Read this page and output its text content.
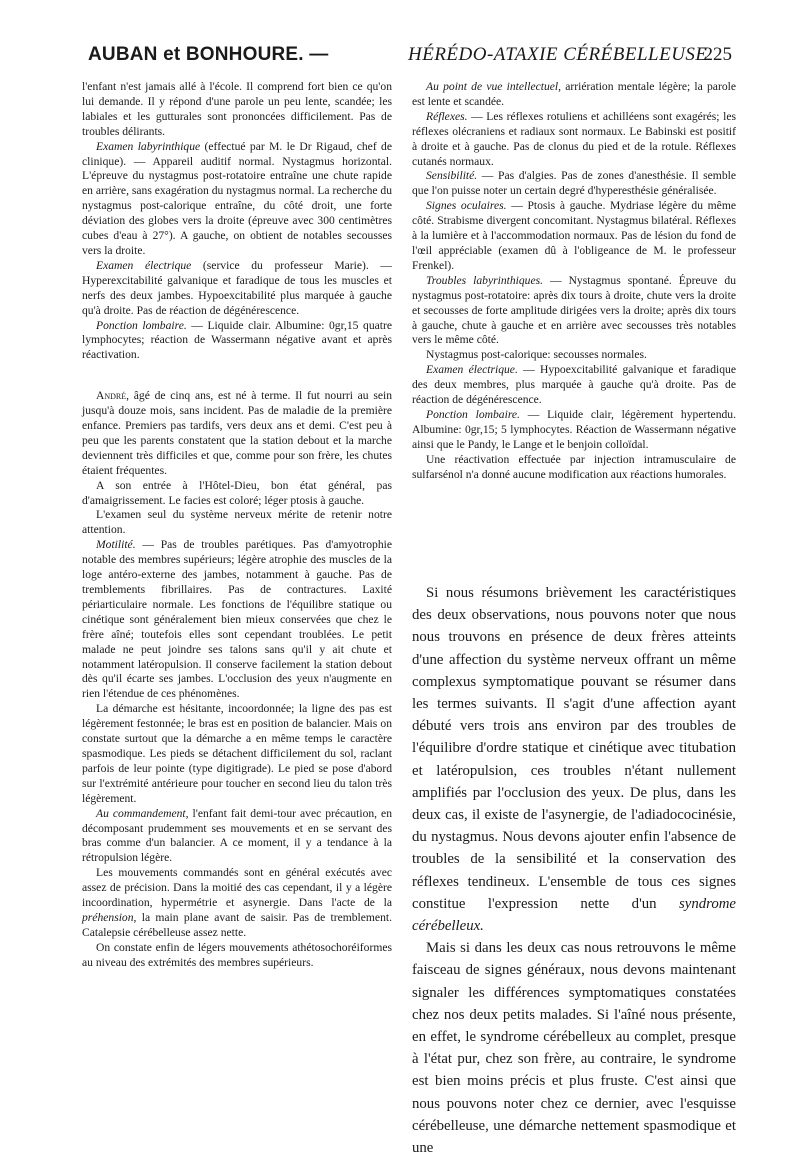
AUBAN et BONHOURE. —	HÉRÉDO-ATAXIE CÉRÉBELLEUSE
225

l'enfant n'est jamais allé à l'école. Il comprend fort bien ce qu'on lui demande. Il y répond d'une parole un peu lente, scandée; les labiales et les gutturales sont prononcées difficilement. Pas de troubles délirants.

Examen labyrinthique (effectué par M. le Dr Rigaud, chef de clinique). — Appareil auditif normal. Nystagmus horizontal. L'épreuve du nystagmus post-rotatoire entraîne une chute rapide en arrière, sans exagération du nystagmus normal. La recherche du nystagmus post-calorique entraîne, du côté droit, une forte déviation des globes vers la droite (épreuve avec 300 centimètres cubes d'eau à 27°). A gauche, on obtient de notables secousses vers la droite.

Examen électrique (service du professeur Marie). — Hyperexcitabilité galvanique et faradique de tous les muscles et nerfs des deux jambes. Hypoexcitabilité plus marquée à gauche qu'à droite. Pas de réaction de dégénérescence.

Ponction lombaire. — Liquide clair. Albumine: 0gr,15 quatre lymphocytes; réaction de Wassermann négative avant et après réactivation.

André, âgé de cinq ans, est né à terme. Il fut nourri au sein jusqu'à douze mois, sans incident. Pas de maladie de la première enfance. Premiers pas tardifs, vers deux ans et demi. C'est peu à peu que les parents constatent que la station debout et la marche deviennent très difficiles et que, comme pour son frère, les chutes étaient fréquentes.

A son entrée à l'Hôtel-Dieu, bon état général, pas d'amaigrissement. Le facies est coloré; léger ptosis à gauche.

L'examen seul du système nerveux mérite de retenir notre attention.

Motilité. — Pas de troubles parétiques. Pas d'amyotrophie notable des membres supérieurs; légère atrophie des muscles de la loge antéro-externe des jambes, notamment à gauche. Pas de tremblements fibrillaires. Pas de contractures. Laxité périarticulaire normale. Les fonctions de l'équilibre statique ou cinétique sont généralement bien mieux conservées que chez le frère aîné; toutefois elles sont cependant troublées. Le petit malade ne peut joindre ses talons sans qu'il y ait chute et notamment latéropulsion. Il conserve facilement la station debout dès qu'il écarte ses jambes. L'occlusion des yeux n'augmente en rien l'étendue de ces phénomènes.

La démarche est hésitante, incoordonnée; la ligne des pas est légèrement festonnée; le bras est en position de balancier. Mais on constate surtout que la démarche a en même temps le caractère spasmodique. Les pieds se détachent difficilement du sol, raclant parfois de leur pointe (type digitigrade). Le pied se pose d'abord sur l'extrémité antérieure pour toucher en second lieu du talon très légèrement.

Au commandement, l'enfant fait demi-tour avec précaution, en décomposant prudemment ses mouvements et en se servant des bras comme d'un balancier. A ce moment, il y a tendance à la rétropulsion légère.

Les mouvements commandés sont en général exécutés avec assez de précision. Dans la moitié des cas cependant, il y a légère incoordination, hypermétrie et asynergie. Dans l'acte de la préhension, la main plane avant de saisir. Pas de tremblement. Catalepsie cérébelleuse assez nette.

On constate enfin de légers mouvements athétosochoréiformes au niveau des extrémités des membres supérieurs.

Au point de vue intellectuel, arriération mentale légère; la parole est lente et scandée.

Réflexes. — Les réflexes rotuliens et achilléens sont exagérés; les réflexes olécraniens et radiaux sont normaux. Le Babinski est positif à droite et à gauche. Pas de clonus du pied et de la rotule. Réflexes cutanés normaux.

Sensibilité. — Pas d'algies. Pas de zones d'anesthésie. Il semble que l'on puisse noter un certain degré d'hyperesthésie généralisée.

Signes oculaires. — Ptosis à gauche. Mydriase légère du même côté. Strabisme divergent concomitant. Nystagmus bilatéral. Réflexes à la lumière et à l'accommodation normaux. Pas de lésion du fond de l'œil appréciable (examen dû à l'obligeance de M. le professeur Frenkel).

Troubles labyrinthiques. — Nystagmus spontané. Épreuve du nystagmus post-rotatoire: après dix tours à droite, chute vers la droite et secousses de forte amplitude dirigées vers la droite; après dix tours à gauche, chute à gauche et en arrière avec secousses très notables vers le même côté.

Nystagmus post-calorique: secousses normales.

Examen électrique. — Hypoexcitabilité galvanique et faradique des deux membres, plus marquée à gauche qu'à droite. Pas de réaction de dégénérescence.

Ponction lombaire. — Liquide clair, légèrement hypertendu. Albumine: 0gr,15; 5 lymphocytes. Réaction de Wassermann négative ainsi que le Pandy, le Lange et le benjoin colloïdal.

Une réactivation effectuée par injection intramusculaire de sulfarsénol n'a donné aucune modification aux réactions humorales.

Si nous résumons brièvement les caractéristiques des deux observations, nous pouvons noter que nous nous trouvons en présence de deux frères atteints d'une affection du système nerveux offrant un même complexus symptomatique pouvant se résumer dans les termes suivants. Il s'agit d'une affection ayant débuté vers trois ans environ par des troubles de l'équilibre d'ordre statique et cinétique avec titubation et latéropulsion, ces troubles n'étant nullement amplifiés par l'occlusion des yeux. De plus, dans les deux cas, il existe de l'asynergie, de l'adiadococinésie, du nystagmus. Nous devons ajouter enfin l'absence de troubles de la sensibilité et la conservation des réflexes tendineux. L'ensemble de tous ces signes constitue l'expression nette d'un syndrome cérébelleux.

Mais si dans les deux cas nous retrouvons le même faisceau de signes généraux, nous devons maintenant signaler les différences symptomatiques constatées chez nos deux petits malades. Si l'aîné nous présente, en effet, le syndrome cérébelleux au complet, presque à l'état pur, chez son frère, au contraire, le syndrome est bien moins précis et plus fruste. C'est ainsi que nous pouvons noter chez ce dernier, avec l'esquisse cérébelleuse, une démarche nettement spasmodique et une
